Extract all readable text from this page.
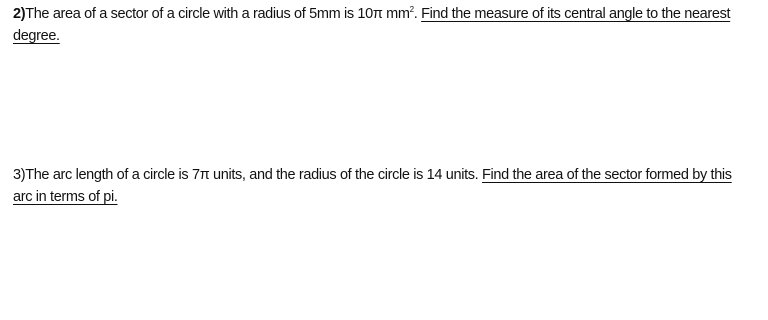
2)The area of a sector of a circle with a radius of 5mm is 10π $mm^2$. Find the measure of its central angle to the nearest degree.
3)The arc length of a circle is 7π units, and the radius of the circle is 14 units. Find the area of the sector formed by this arc in terms of pi.
